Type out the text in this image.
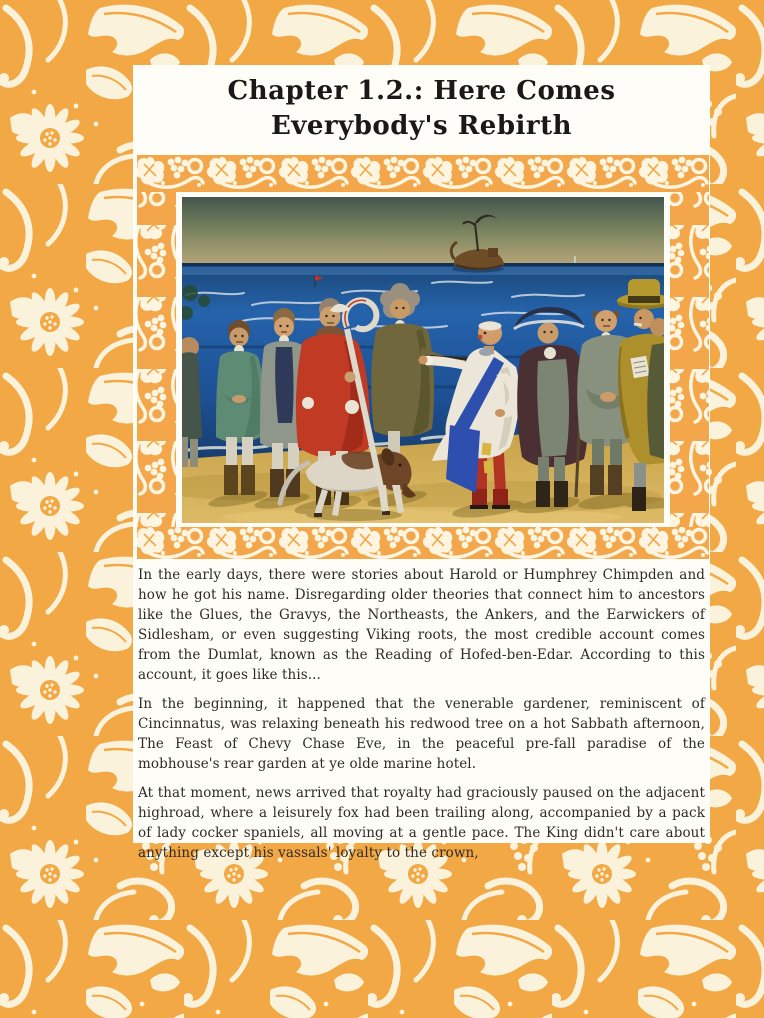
Chapter 1.2.: Here Comes Everybody's Rebirth

In the early days, there were stories about Harold or Humphrey Chimpden and how he got his name. Disregarding older theories that connect him to ancestors like the Glues, the Gravys, the Northeasts, the Ankers, and the Earwickers of Sidlesham, or even suggesting Viking roots, the most credible account comes from the Dumlat, known as the Reading of Hofed-ben-Edar. According to this account, it goes like this...

In the beginning, it happened that the venerable gardener, reminiscent of Cincinnatus, was relaxing beneath his redwood tree on a hot Sabbath afternoon, The Feast of Chevy Chase Eve, in the peaceful pre-fall paradise of the mobhouse's rear garden at ye olde marine hotel.

At that moment, news arrived that royalty had graciously paused on the adjacent highroad, where a leisurely fox had been trailing along, accompanied by a pack of lady cocker spaniels, all moving at a gentle pace. The King didn't care about anything except his vassals' loyalty to the crown,
